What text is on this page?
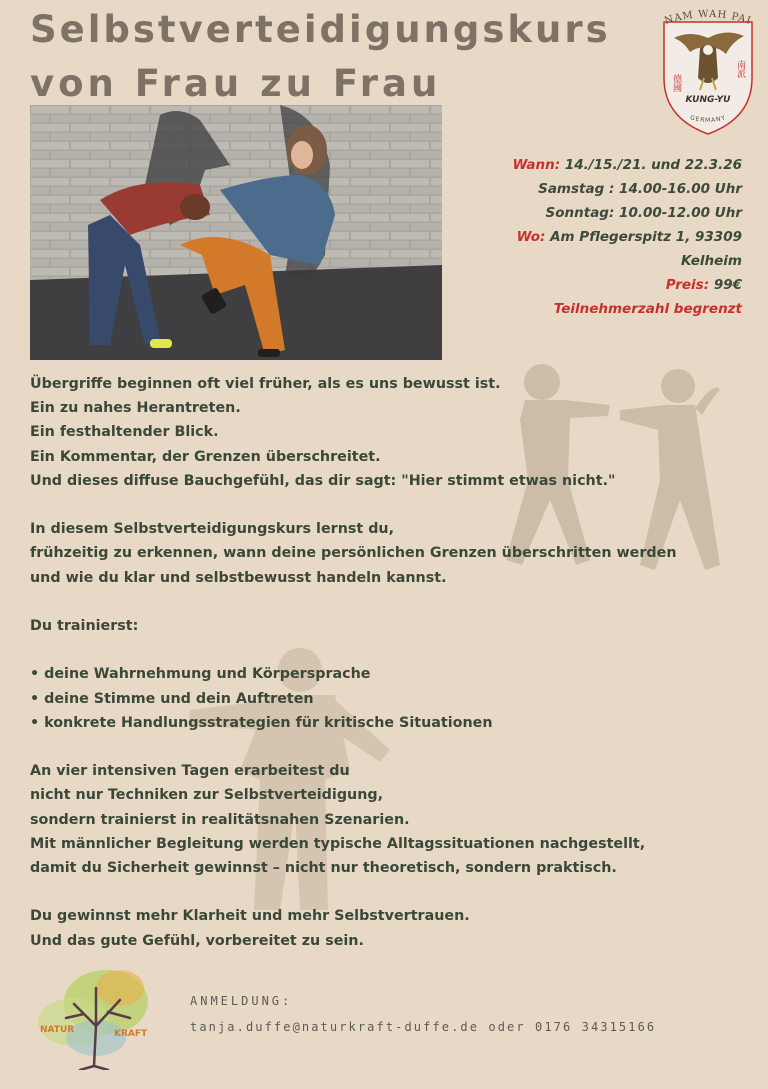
Selbstverteidigungskurs
von Frau zu Frau
NAM WAH PAI
德國
南派
KUNG-YU
GERMANY
Wann: 14./15./21. und 22.3.26
Samstag : 14.00-16.00 Uhr
Sonntag: 10.00-12.00 Uhr
Wo: Am Pflegerspitz 1, 93309
Kelheim
Preis: 99€
Teilnehmerzahl begrenzt

Übergriffe beginnen oft viel früher, als es uns bewusst ist.

Ein zu nahes Herantreten.

Ein festhaltender Blick.

Ein Kommentar, der Grenzen überschreitet.

Und dieses diffuse Bauchgefühl, das dir sagt: "Hier stimmt etwas nicht."

In diesem Selbstverteidigungskurs lernst du,

frühzeitig zu erkennen, wann deine persönlichen Grenzen überschritten werden

und wie du klar und selbstbewusst handeln kannst.

Du trainierst:

• deine Wahrnehmung und Körpersprache

• deine Stimme und dein Auftreten

• konkrete Handlungsstrategien für kritische Situationen

An vier intensiven Tagen erarbeitest du

nicht nur Techniken zur Selbstverteidigung,

sondern trainierst in realitätsnahen Szenarien.

Mit männlicher Begleitung werden typische Alltagssituationen nachgestellt,

damit du Sicherheit gewinnst – nicht nur theoretisch, sondern praktisch.

Du gewinnst mehr Klarheit und mehr Selbstvertrauen.

Und das gute Gefühl, vorbereitet zu sein.

NATUR	KRAFT
ANMELDUNG:
tanja.duffe@naturkraft-duffe.de oder 0176 34315166
